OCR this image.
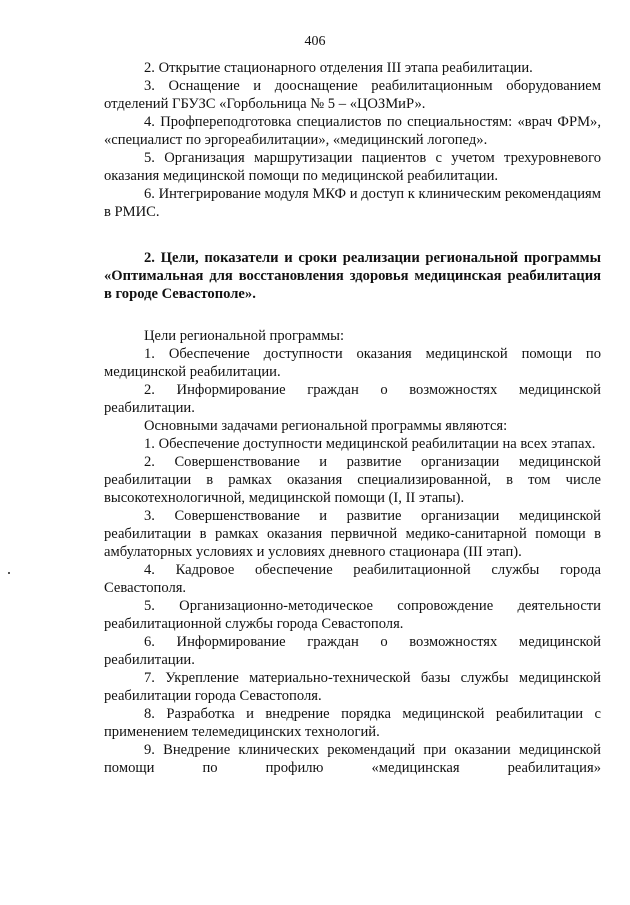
406

2. Открытие стационарного отделения III этапа реабилитации.

3. Оснащение и дооснащение реабилитационным оборудованием отделений ГБУЗС «Горбольница № 5 – «ЦОЗМиР».

4. Профпереподготовка специалистов по специальностям: «врач ФРМ», «специалист по эргореабилитации», «медицинский логопед».

5. Организация маршрутизации пациентов с учетом трехуровневого оказания медицинской помощи по медицинской реабилитации.

6. Интегрирование модуля МКФ и доступ к клиническим рекомендациям в РМИС.

2. Цели, показатели и сроки реализации региональной программы «Оптимальная для восстановления здоровья медицинская реабилитация в городе Севастополе».

Цели региональной программы:

1. Обеспечение доступности оказания медицинской помощи по медицинской реабилитации.

2. Информирование граждан о возможностях медицинской реабилитации.

Основными задачами региональной программы являются:

1. Обеспечение доступности медицинской реабилитации на всех этапах.

2. Совершенствование и развитие организации медицинской реабилитации в рамках оказания специализированной, в том числе высокотехнологичной, медицинской помощи (I, II этапы).

3. Совершенствование и развитие организации медицинской реабилитации в рамках оказания первичной медико-санитарной помощи в амбулаторных условиях и условиях дневного стационара (III этап).

4. Кадровое обеспечение реабилитационной службы города Севастополя.

5. Организационно-методическое сопровождение деятельности реабилитационной службы города Севастополя.

6. Информирование граждан о возможностях медицинской реабилитации.

7. Укрепление материально-технической базы службы медицинской реабилитации города Севастополя.

8. Разработка и внедрение порядка медицинской реабилитации с применением телемедицинских технологий.

9. Внедрение клинических рекомендаций при оказании медицинской помощи по профилю «медицинская реабилитация»
